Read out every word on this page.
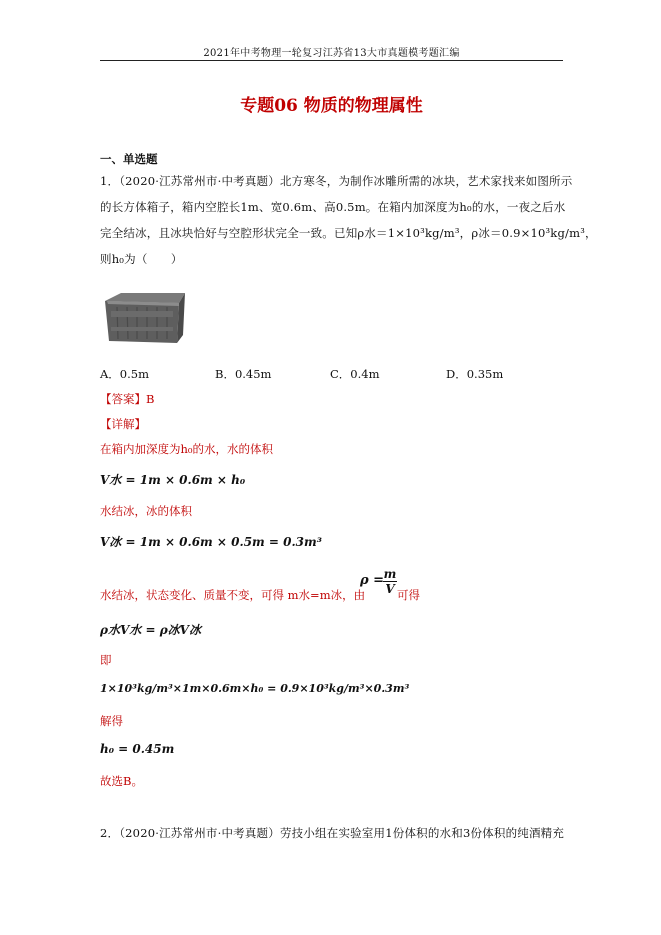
2021年中考物理一轮复习江苏省13大市真题模考题汇编
专题06 物质的物理属性
一、单选题
1．（2020·江苏常州市·中考真题）北方寒冬，为制作冰雕所需的冰块，艺术家找来如图所示
的长方体箱子，箱内空腔长1m、宽0.6m、高0.5m。在箱内加深度为h₀的水，一夜之后水
完全结冰，且冰块恰好与空腔形状完全一致。已知ρ水＝1×10³kg/m³，ρ冰＝0.9×10³kg/m³，
则h₀为（　　）
A．0.5m	B．0.45m	C．0.4m	D．0.35m
【答案】B
【详解】
在箱内加深度为h₀的水，水的体积
V水 = 1m × 0.6m × h₀
水结冰，冰的体积
V冰 = 1m × 0.6m × 0.5m = 0.3m³
水结冰，状态变化、质量不变，可得 m水=m冰，由
ρ = m
V 可得
ρ水V水 = ρ冰V冰
即
1×10³kg/m³×1m×0.6m×h₀ = 0.9×10³kg/m³×0.3m³
解得
h₀ = 0.45m
故选B。
2．（2020·江苏常州市·中考真题）劳技小组在实验室用1份体积的水和3份体积的纯酒精充
